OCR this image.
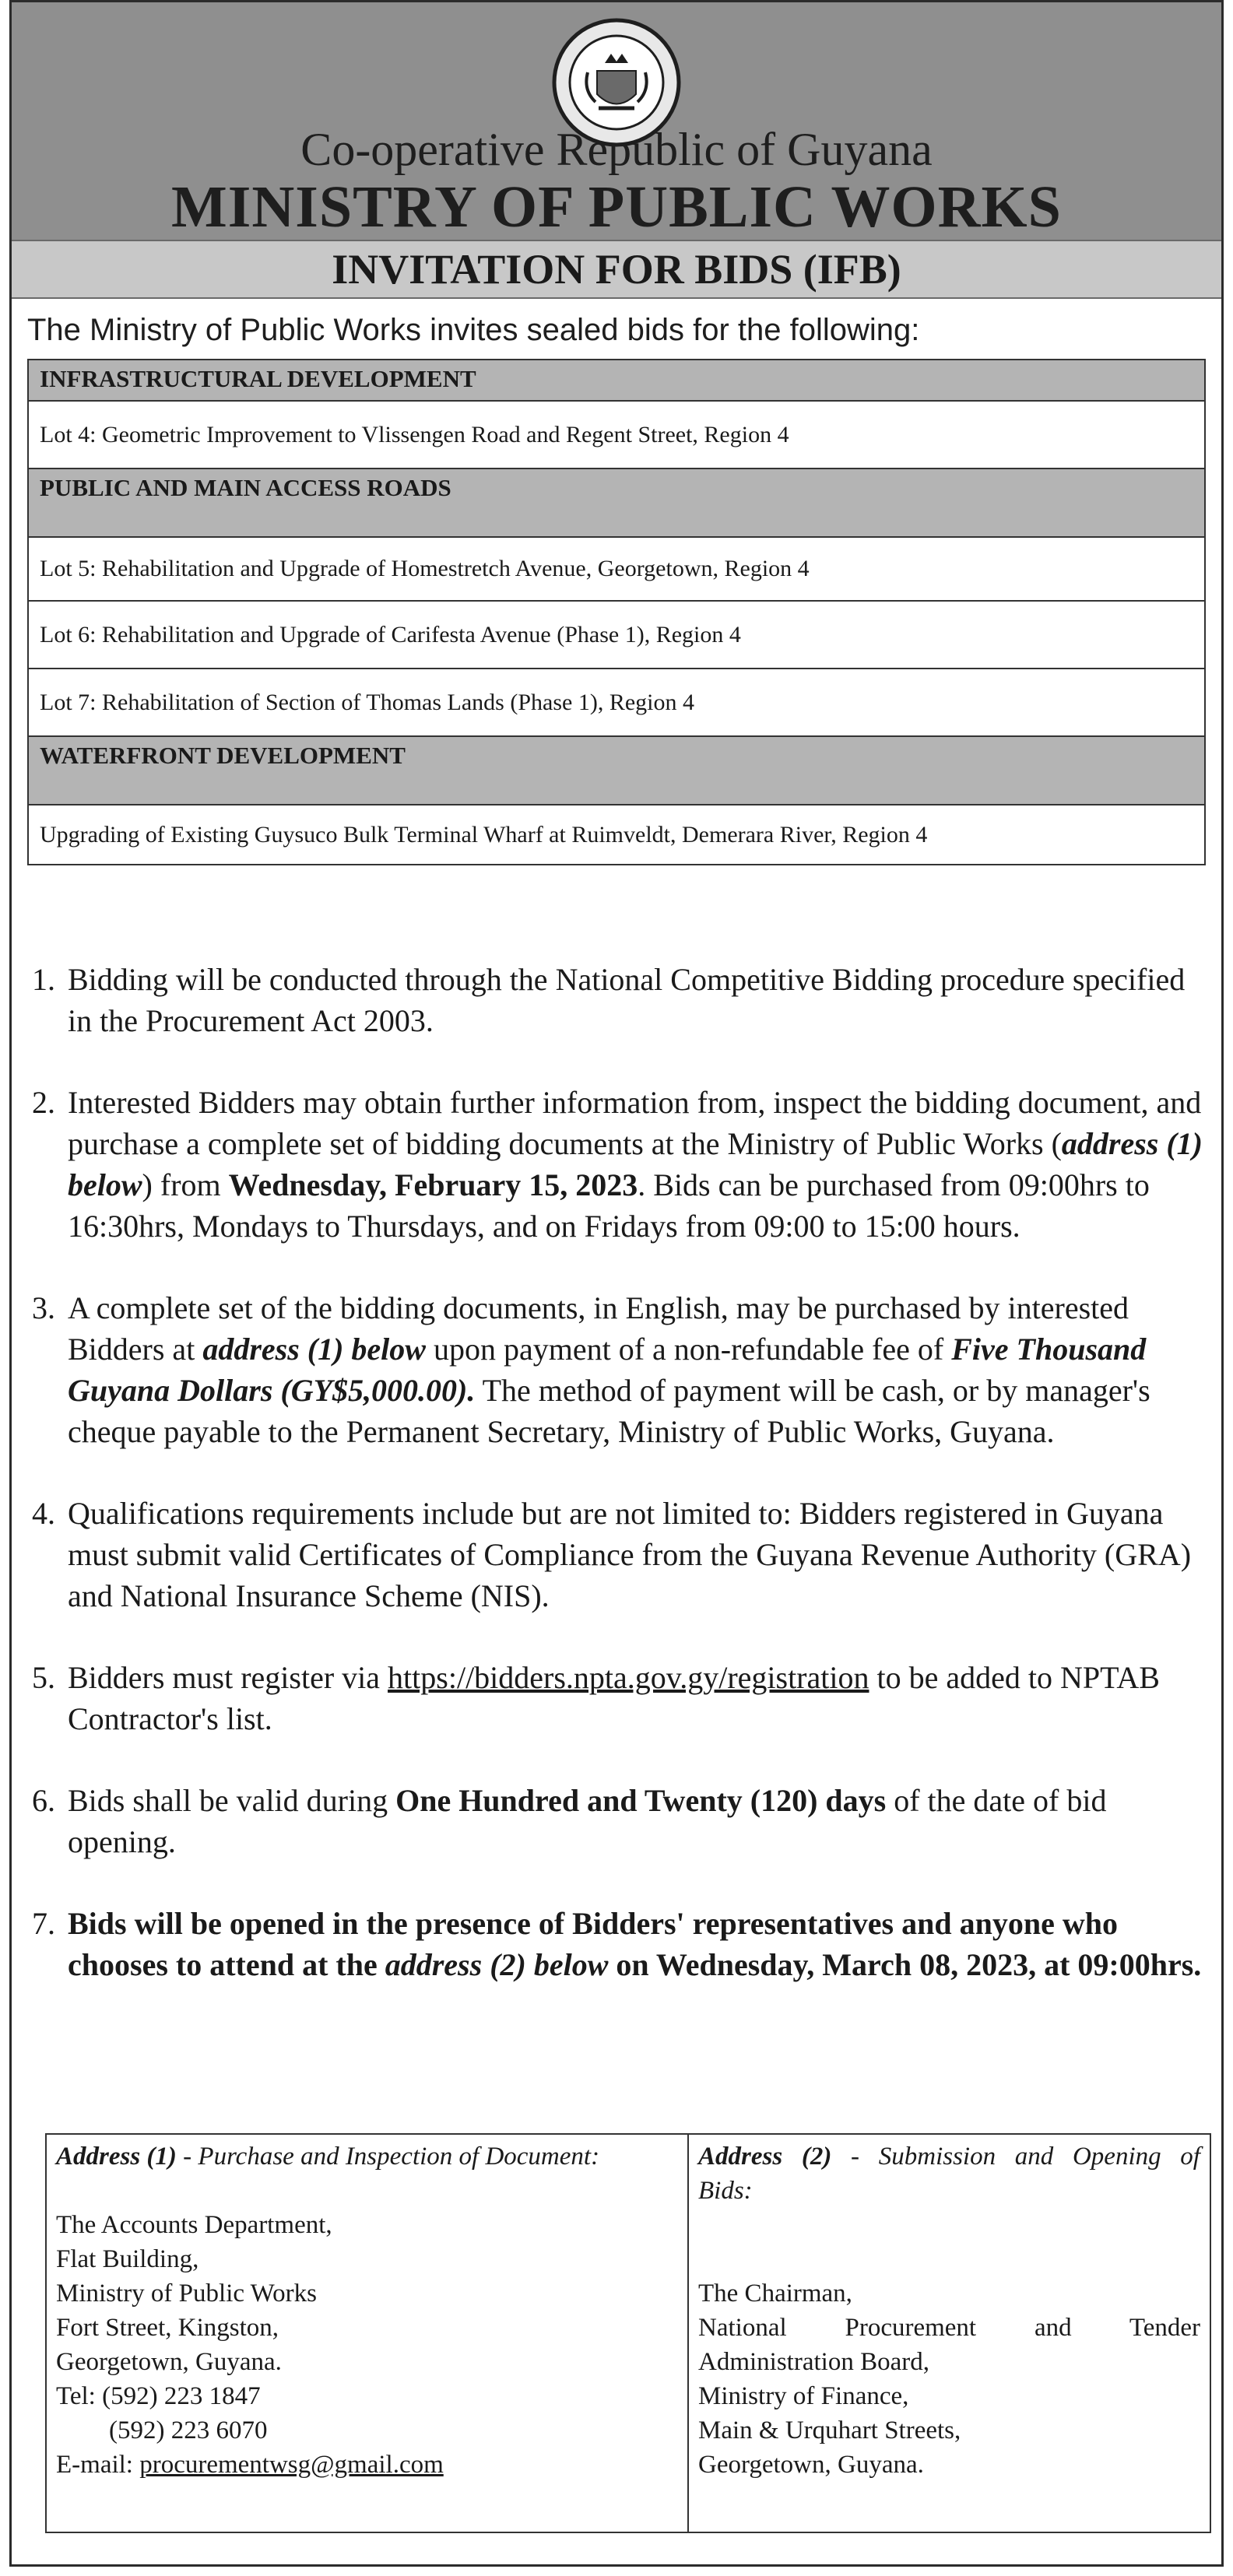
Co-operative Republic of Guyana
MINISTRY OF PUBLIC WORKS
INVITATION FOR BIDS (IFB)
The Ministry of Public Works invites sealed bids for the following:
INFRASTRUCTURAL DEVELOPMENT
Lot 4: Geometric Improvement to Vlissengen Road and Regent Street, Region 4
PUBLIC AND MAIN ACCESS ROADS
Lot 5: Rehabilitation and Upgrade of Homestretch Avenue, Georgetown, Region 4
Lot 6: Rehabilitation and Upgrade of Carifesta Avenue (Phase 1), Region 4
Lot 7: Rehabilitation of Section of Thomas Lands (Phase 1), Region 4
WATERFRONT DEVELOPMENT
Upgrading of Existing Guysuco Bulk Terminal Wharf at Ruimveldt, Demerara River, Region 4
1. Bidding will be conducted through the National Competitive Bidding procedure specified in the Procurement Act 2003.
2. Interested Bidders may obtain further information from, inspect the bidding document, and purchase a complete set of bidding documents at the Ministry of Public Works (address (1) below) from Wednesday, February 15, 2023. Bids can be purchased from 09:00hrs to 16:30hrs, Mondays to Thursdays, and on Fridays from 09:00 to 15:00 hours.
3. A complete set of the bidding documents, in English, may be purchased by interested Bidders at address (1) below upon payment of a non-refundable fee of Five Thousand Guyana Dollars (GY$5,000.00). The method of payment will be cash, or by manager's cheque payable to the Permanent Secretary, Ministry of Public Works, Guyana.
4. Qualifications requirements include but are not limited to: Bidders registered in Guyana must submit valid Certificates of Compliance from the Guyana Revenue Authority (GRA) and National Insurance Scheme (NIS).
5. Bidders must register via https://bidders.npta.gov.gy/registration to be added to NPTAB Contractor's list.
6. Bids shall be valid during One Hundred and Twenty (120) days of the date of bid opening.
7. Bids will be opened in the presence of Bidders' representatives and anyone who chooses to attend at the address (2) below on Wednesday, March 08, 2023, at 09:00hrs.
Address (1) - Purchase and Inspection of Document:
The Accounts Department,
Flat Building,
Ministry of Public Works
Fort Street, Kingston,
Georgetown, Guyana.
Tel: (592) 223 1847
(592) 223 6070
E-mail: procurementwsg@gmail.com
Address (2) - Submission and Opening of
Bids:
The Chairman,
National Procurement and Tender
Administration Board,
Ministry of Finance,
Main & Urquhart Streets,
Georgetown, Guyana.
